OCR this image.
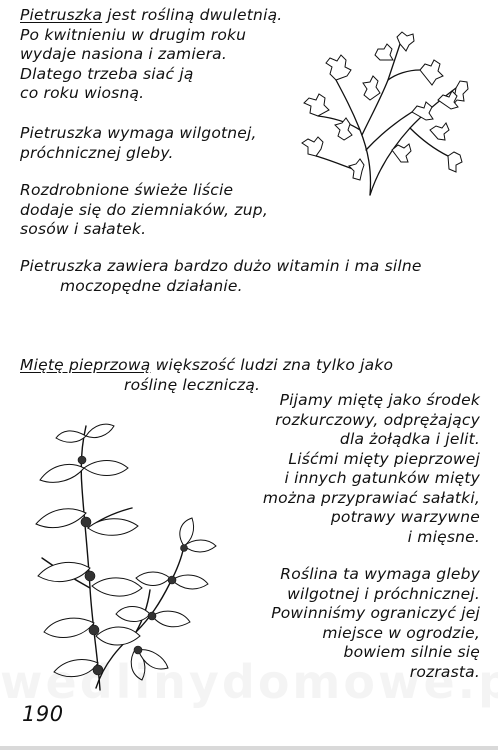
Pietruszka jest rośliną dwuletnią.

Po kwitnieniu w drugim roku
wydaje nasiona i zamiera.
Dlatego trzeba siać ją
co roku wiosną.

Pietruszka wymaga wilgotnej,
próchnicznej gleby.

Rozdrobnione świeże liście
dodaje się do ziemniaków, zup,
sosów i sałatek.

Pietruszka zawiera bardzo dużo witamin i ma silne
moczopędne działanie.

Miętę pieprzową większość ludzi zna tylko jako
roślinę leczniczą.

Pijamy miętę jako środek
rozkurczowy, odprężający
dla żołądka i jelit.
Liśćmi mięty pieprzowej
i innych gatunków mięty
można przyprawiać sałatki,
potrawy warzywne
i mięsne.

Roślina ta wymaga gleby
wilgotnej i próchnicznej.
Powinniśmy ograniczyć jej
miejsce w ogrodzie,
bowiem silnie się
rozrasta.

190
